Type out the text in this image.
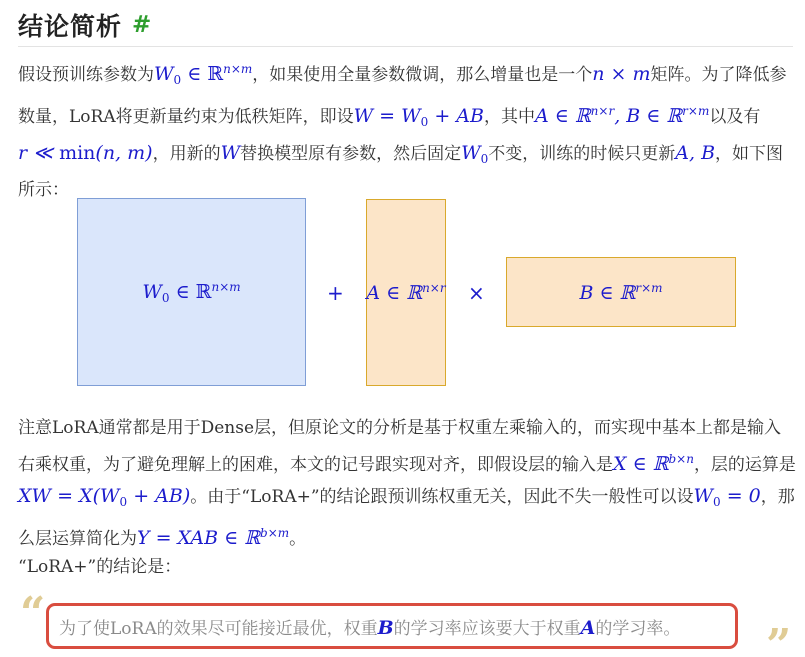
结论简析 #

假设预训练参数为$W_0$ ∈ ℝ$^{n\times m}$，如果使用全量参数微调，那么增量也是一个n × m矩阵。为了降低参数量，LoRA将更新量约束为低秩矩阵，即设$W = W_0$ + AB，其中A ∈ ℝ$^{n\times r}$, B ∈ ℝ$^{r\times m}$以及有r ≪ min(n, m)，用新的W替换模型原有参数，然后固定$W_0$不变，训练的时候只更新A, B，如下图所示：

$W_0$ ∈ ℝ$^{n\times m}$	+ A ∈ ℝ$^{n\times r}$ ×	B ∈ ℝ$^{r\times m}$

注意LoRA通常都是用于Dense层，但原论文的分析是基于权重左乘输入的，而实现中基本上都是输入右乘权重，为了避免理解上的困难，本文的记号跟实现对齐，即假设层的输入是X ∈ ℝ$^{b\times n}$，层的运算是XW = $X(W_0 + AB)$。由于“LoRA+”的结论跟预训练权重无关，因此不失一般性可以设$W_0 = 0$，那么层运算简化为Y = XAB ∈ ℝ$^{b\times m}$。

“LoRA+”的结论是：

“ 为了使LoRA的效果尽可能接近最优，权重B的学习率应该要大于权重A的学习率。 ”
